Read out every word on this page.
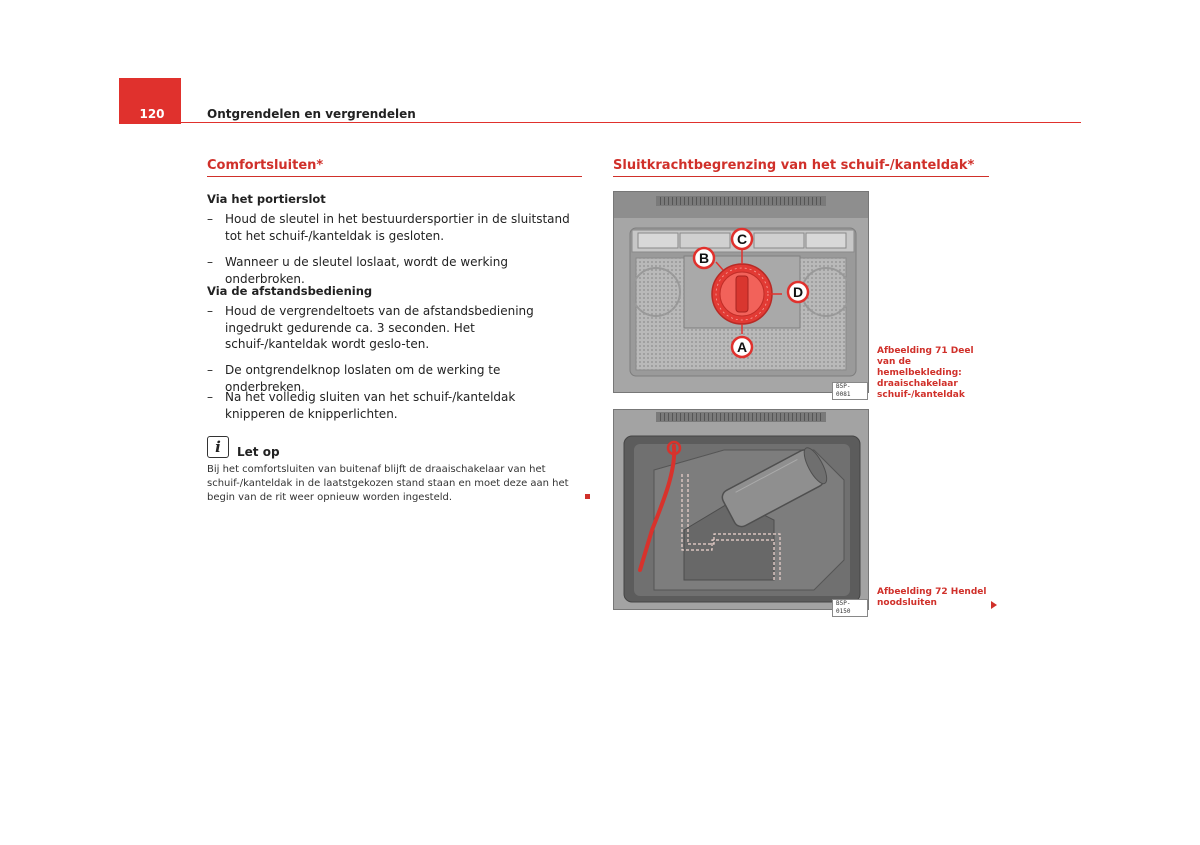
120	Ontgrendelen en vergrendelen
Comfortsluiten*
Via het portierslot
– Houd de sleutel in het bestuurdersportier in de sluitstand tot het schuif-/kanteldak is gesloten.
– Wanneer u de sleutel loslaat, wordt de werking onderbroken.
Via de afstandsbediening
– Houd de vergrendeltoets van de afstandsbediening ingedrukt gedurende ca. 3 seconden. Het schuif-/kanteldak wordt geslo-ten.
– De ontgrendelknop loslaten om de werking te onderbreken.
– Na het volledig sluiten van het schuif-/kanteldak knipperen de knipperlichten.
i	Let op
Bij het comfortsluiten van buitenaf blijft de draaischakelaar van het schuif-/kanteldak in de laatstgekozen stand staan en moet deze aan het begin van de rit weer opnieuw worden ingesteld.
Sluitkrachtbegrenzing van het schuif-/kanteldak*
A
B
C
D
B5P-0081
Afbeelding 71 Deel van de hemelbekleding: draaischakelaar schuif-/kanteldak
B5P-0150
Afbeelding 72 Hendel noodsluiten
